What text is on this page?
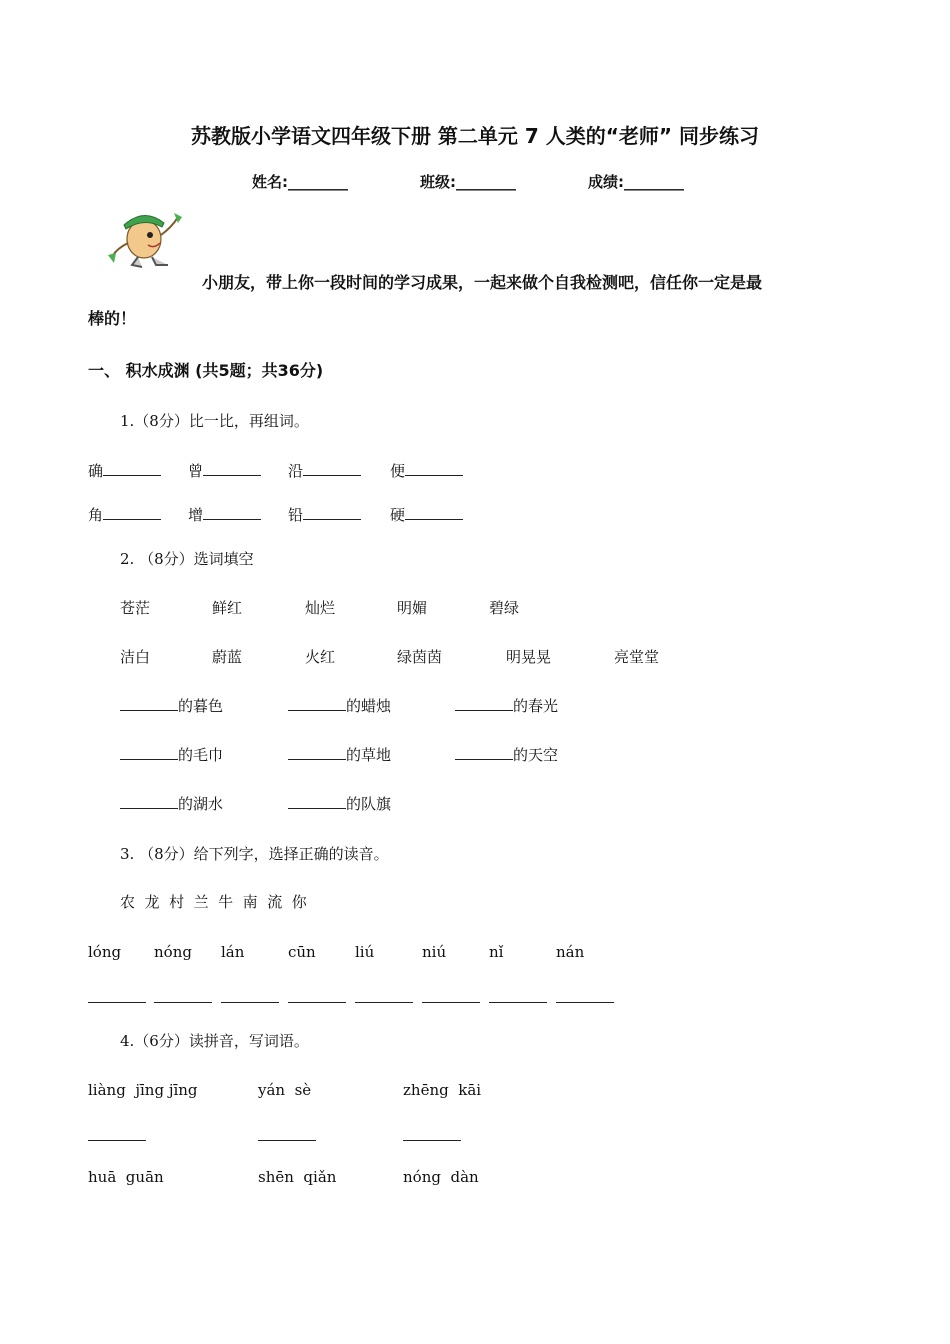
苏教版小学语文四年级下册 第二单元 7 人类的“老师” 同步练习
姓名:________	班级:________	成绩:________
小朋友，带上你一段时间的学习成果，一起来做个自我检测吧，信任你一定是最
棒的！
一、 积水成渊 (共5题；共36分)
1.（8分）比一比，再组词。
确	曾	沿	便
角	增	铅	硬
2. （8分）选词填空
苍茫	鲜红	灿烂	明媚	碧绿
洁白	蔚蓝	火红	绿茵茵	明晃晃	亮堂堂
的暮色	的蜡烛	的春光
的毛巾	的草地	的天空
的湖水	的队旗
3. （8分）给下列字，选择正确的读音。
农  龙  村  兰  牛  南  流  你
lóng nóng lán	cūn	liú	niú	nǐ	nán
4.（6分）读拼音，写词语。
liàng  jīng jīng	yán  sè	zhēng  kāi
huā  guān	shēn  qiǎn	nóng  dàn
